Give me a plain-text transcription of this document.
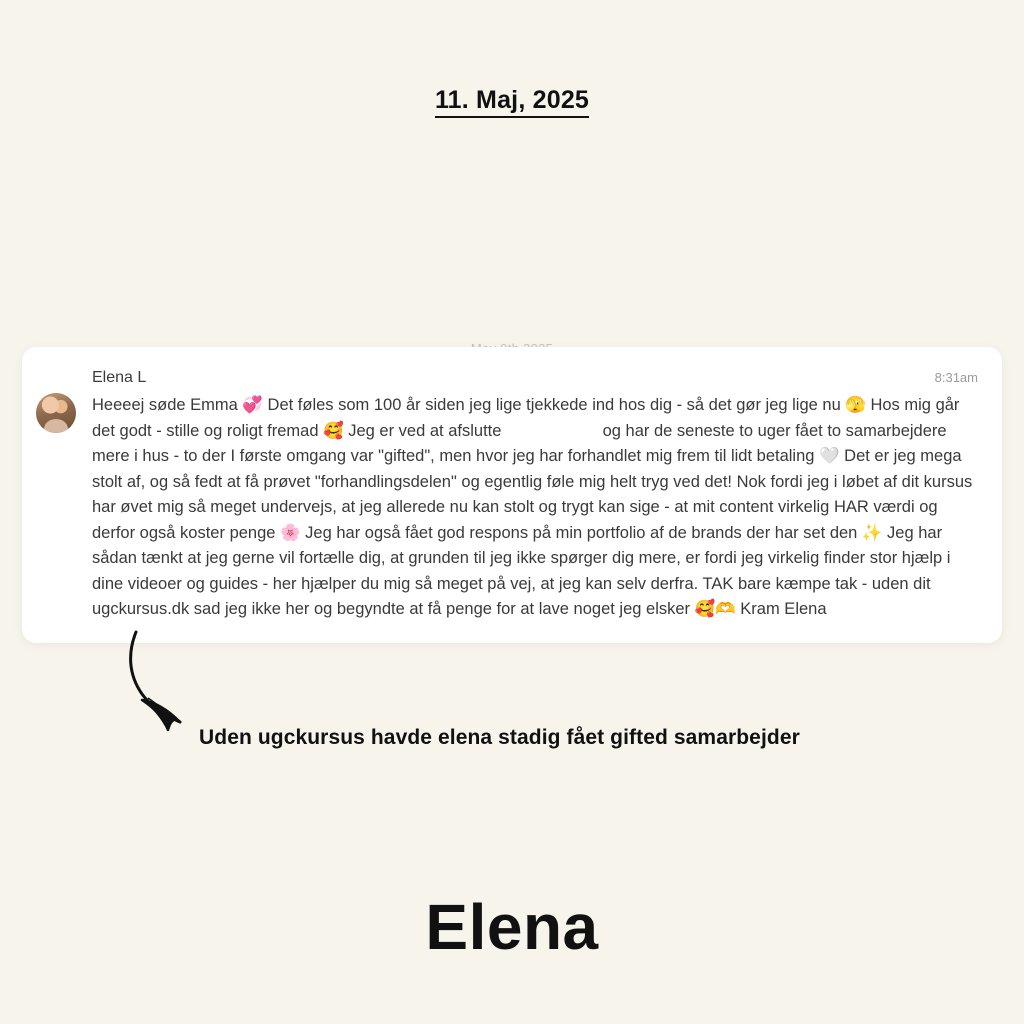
11. Maj, 2025
Elena L	8:31am
Heeeej søde Emma 💞 Det føles som 100 år siden jeg lige tjekkede ind hos dig - så det gør jeg lige nu 🫣 Hos mig går det godt - stille og roligt fremad 🥰 Jeg er ved at afslutte	og har de seneste to uger fået to samarbejdere mere i hus - to der I første omgang var "gifted", men hvor jeg har forhandlet mig frem til lidt betaling 🤍 Det er jeg mega stolt af, og så fedt at få prøvet "forhandlingsdelen" og egentlig føle mig helt tryg ved det! Nok fordi jeg i løbet af dit kursus har øvet mig så meget undervejs, at jeg allerede nu kan stolt og trygt kan sige - at mit content virkelig HAR værdi og derfor også koster penge 🌸 Jeg har også fået god respons på min portfolio af de brands der har set den ✨ Jeg har sådan tænkt at jeg gerne vil fortælle dig, at grunden til jeg ikke spørger dig mere, er fordi jeg virkelig finder stor hjælp i dine videoer og guides - her hjælper du mig så meget på vej, at jeg kan selv derfra. TAK bare kæmpe tak - uden dit ugckursus.dk sad jeg ikke her og begyndte at få penge for at lave noget jeg elsker 🥰🫶 Kram Elena
Uden ugckursus havde elena stadig fået gifted samarbejder
Elena
